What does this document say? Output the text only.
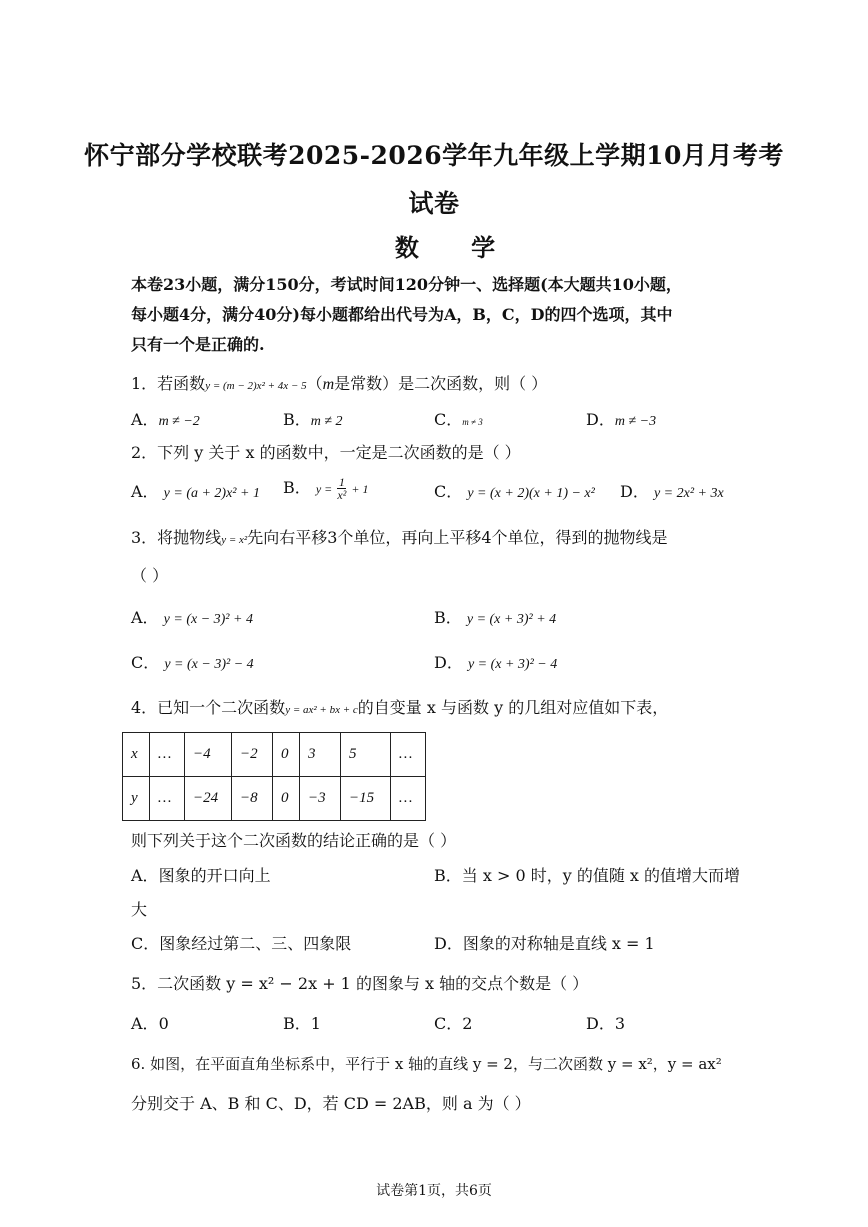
怀宁部分学校联考2025-2026学年九年级上学期10月月考考
试卷
数 学
本卷23小题，满分150分，考试时间120分钟一、选择题(本大题共10小题，
每小题4分，满分40分)每小题都给出代号为A，B，C，D的四个选项，其中
只有一个是正确的.
1．若函数y = (m − 2)x² + 4x − 5（m是常数）是二次函数，则（ ）
A．m ≠ −2	B．m ≠ 2	C．m ≠ 3	D．m ≠ −3
2．下列 y 关于 x 的函数中，一定是二次函数的是（ ）
A． y = (a + 2)x² + 1 B． $y = \frac{1}{\text{x²}} + 1$	C． y = (x + 2)(x + 1) − x² D． y = 2x² + 3x
3．将抛物线y = x²先向右平移3个单位，再向上平移4个单位，得到的抛物线是
（ ）
A． y = (x − 3)² + 4	B． y = (x + 3)² + 4
C． y = (x − 3)² − 4	D． y = (x + 3)² − 4
4．已知一个二次函数y = ax² + bx + c的自变量 x 与函数 y 的几组对应值如下表，
x	…	−4	−2	0	3	5	…
y	…	−24	−8	0	−3	−15	…
则下列关于这个二次函数的结论正确的是（ ）
A．图象的开口向上	B．当 x > 0 时，y 的值随 x 的值增大而增
大
C．图象经过第二、三、四象限	D．图象的对称轴是直线 x = 1
5．二次函数 y = x² − 2x + 1 的图象与 x 轴的交点个数是（ ）
A．0	B．1	C．2	D．3
6. 如图，在平面直角坐标系中，平行于 x 轴的直线 y = 2，与二次函数 y = x²，y = ax²
分别交于 A、B 和 C、D，若 CD = 2AB，则 a 为（ ）
试卷第1页，共6页
